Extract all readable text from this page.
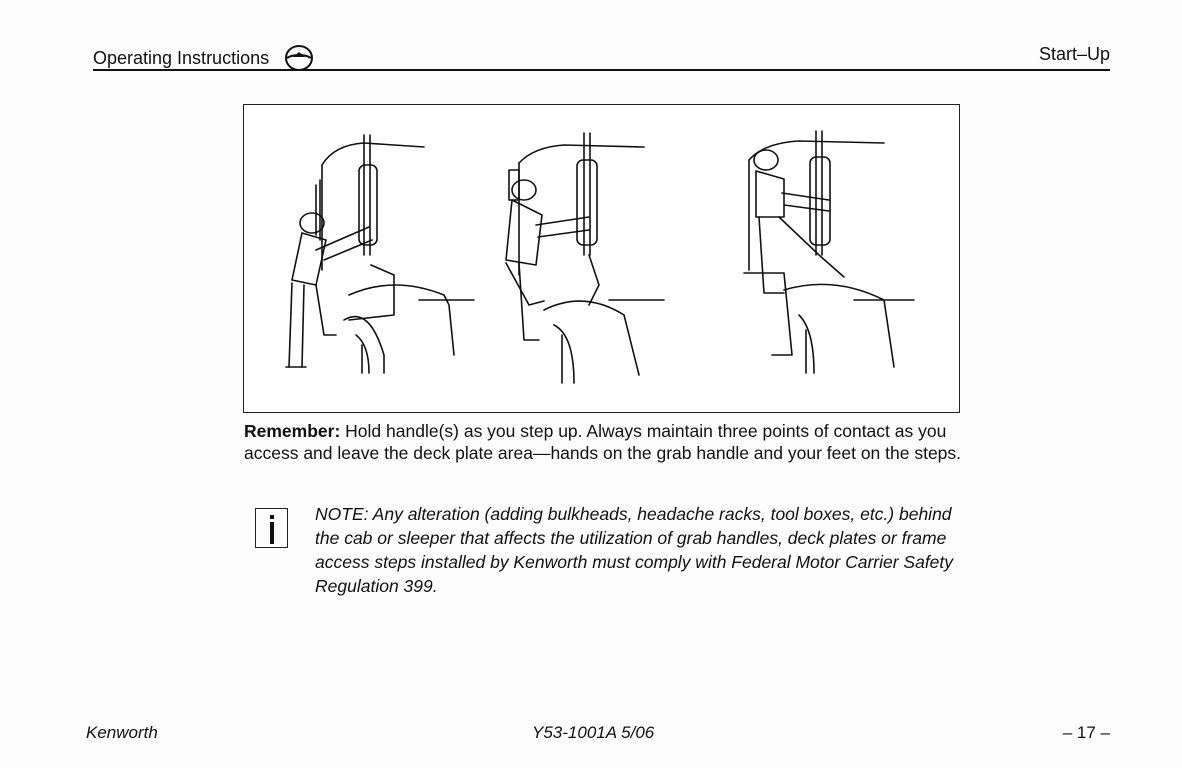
Operating Instructions	Start–Up
Remember: Hold handle(s) as you step up. Always maintain three points of contact as you access and leave the deck plate area—hands on the grab handle and your feet on the steps.
NOTE: Any alteration (adding bulkheads, headache racks, tool boxes, etc.) behind the cab or sleeper that affects the utilization of grab handles, deck plates or frame access steps installed by Kenworth must comply with Federal Motor Carrier Safety Regulation 399.
Kenworth	Y53-1001A 5/06	– 17 –
